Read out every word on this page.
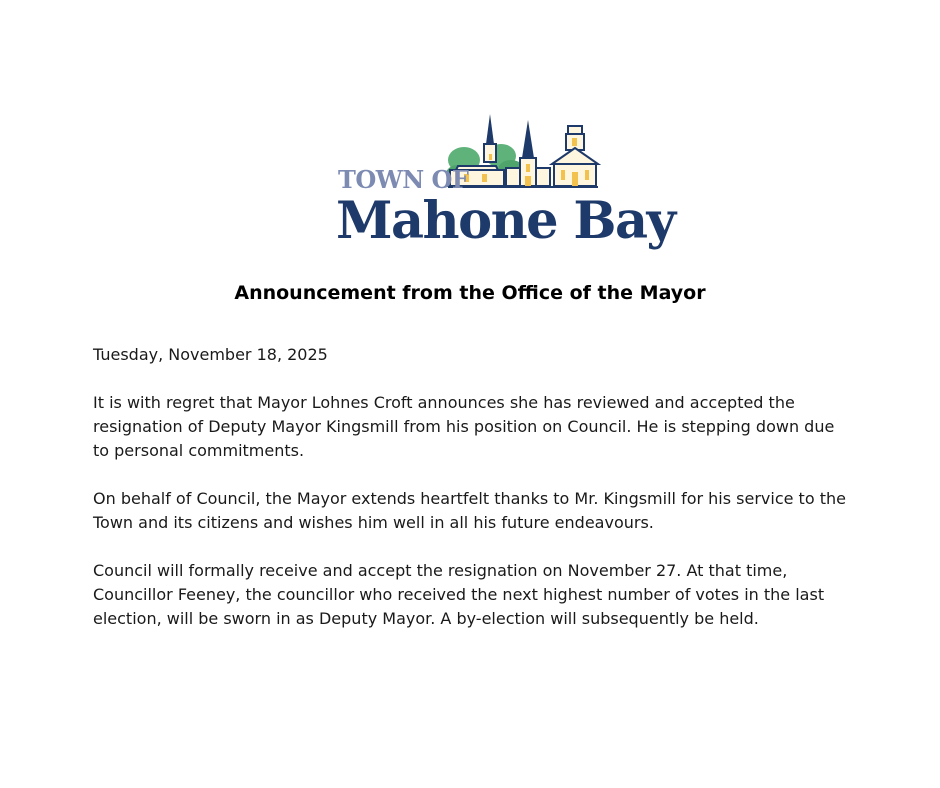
TOWN OF
Mahone Bay
Announcement from the Office of the Mayor

Tuesday, November 18, 2025

It is with regret that Mayor Lohnes Croft announces she has reviewed and accepted the resignation of Deputy Mayor Kingsmill from his position on Council. He is stepping down due to personal commitments.

On behalf of Council, the Mayor extends heartfelt thanks to Mr. Kingsmill for his service to the Town and its citizens and wishes him well in all his future endeavours.

Council will formally receive and accept the resignation on November 27. At that time, Councillor Feeney, the councillor who received the next highest number of votes in the last election, will be sworn in as Deputy Mayor. A by-election will subsequently be held.
